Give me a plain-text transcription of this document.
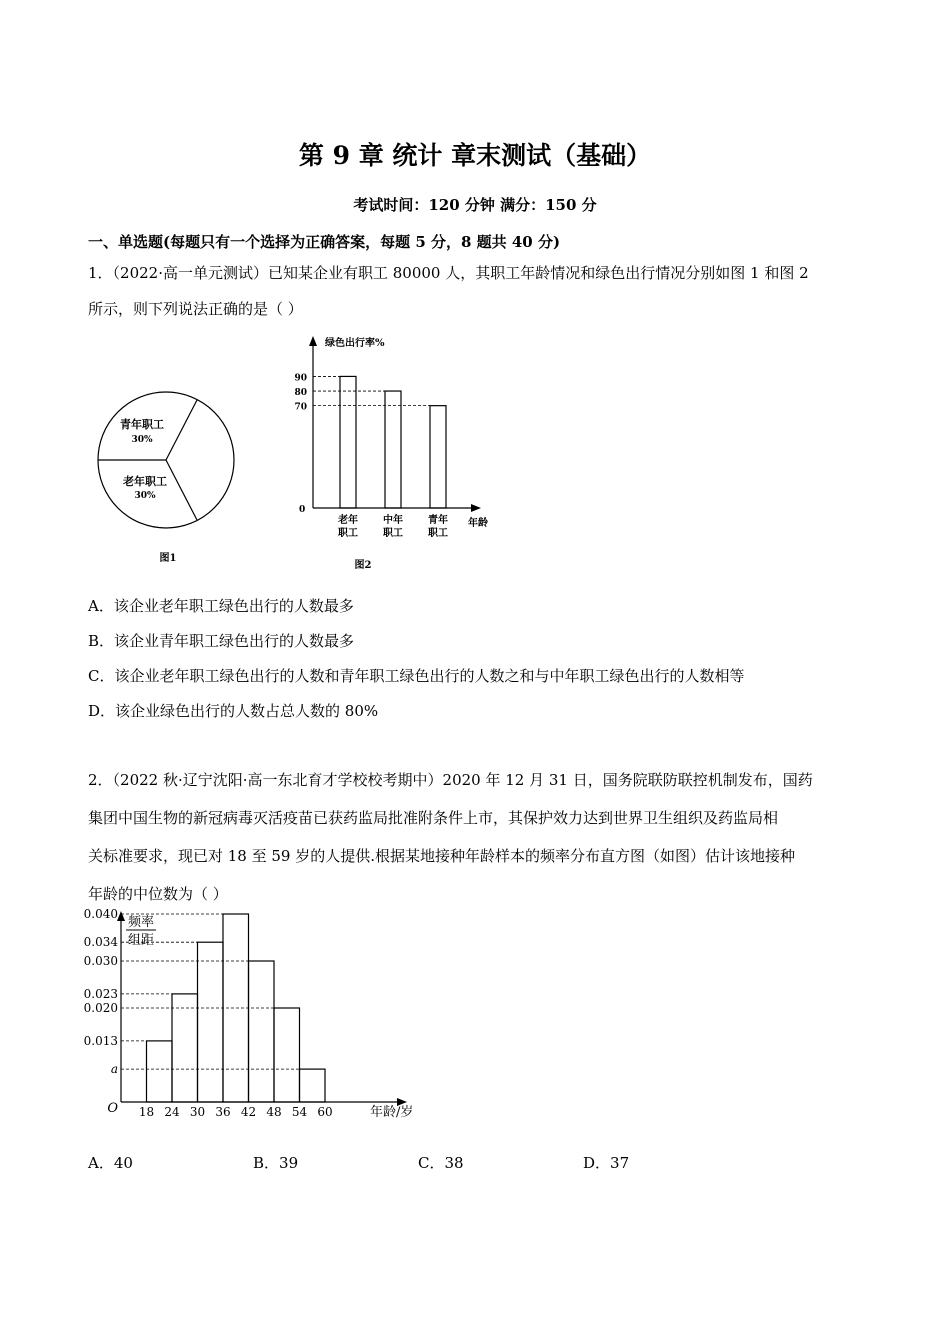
第 9 章 统计 章末测试（基础）
考试时间：120 分钟 满分：150 分
一、单选题(每题只有一个选择为正确答案，每题 5 分，8 题共 40 分)
1．（2022·高一单元测试）已知某企业有职工 80000 人，其职工年龄情况和绿色出行情况分别如图 1 和图 2
所示，则下列说法正确的是（ ）
青年职工
30%
老年职工
30%
图1
绿色出行率%
0
年龄
90
老年
职工
80
中年
职工
70
青年
职工
图2
A．该企业老年职工绿色出行的人数最多
B．该企业青年职工绿色出行的人数最多
C．该企业老年职工绿色出行的人数和青年职工绿色出行的人数之和与中年职工绿色出行的人数相等
D．该企业绿色出行的人数占总人数的 80%
2．（2022 秋·辽宁沈阳·高一东北育才学校校考期中）2020 年 12 月 31 日，国务院联防联控机制发布，国药
集团中国生物的新冠病毒灭活疫苗已获药监局批准附条件上市，其保护效力达到世界卫生组织及药监局相
关标准要求，现已对 18 至 59 岁的人提供.根据某地接种年龄样本的频率分布直方图（如图）估计该地接种
年龄的中位数为（ ）
频率
组距
O	年龄/岁
0.040
0.034
0.030
0.023
0.020
0.013
a
18 24 30 36 42 48 54 60
A．40	B．39	C．38	D．37
